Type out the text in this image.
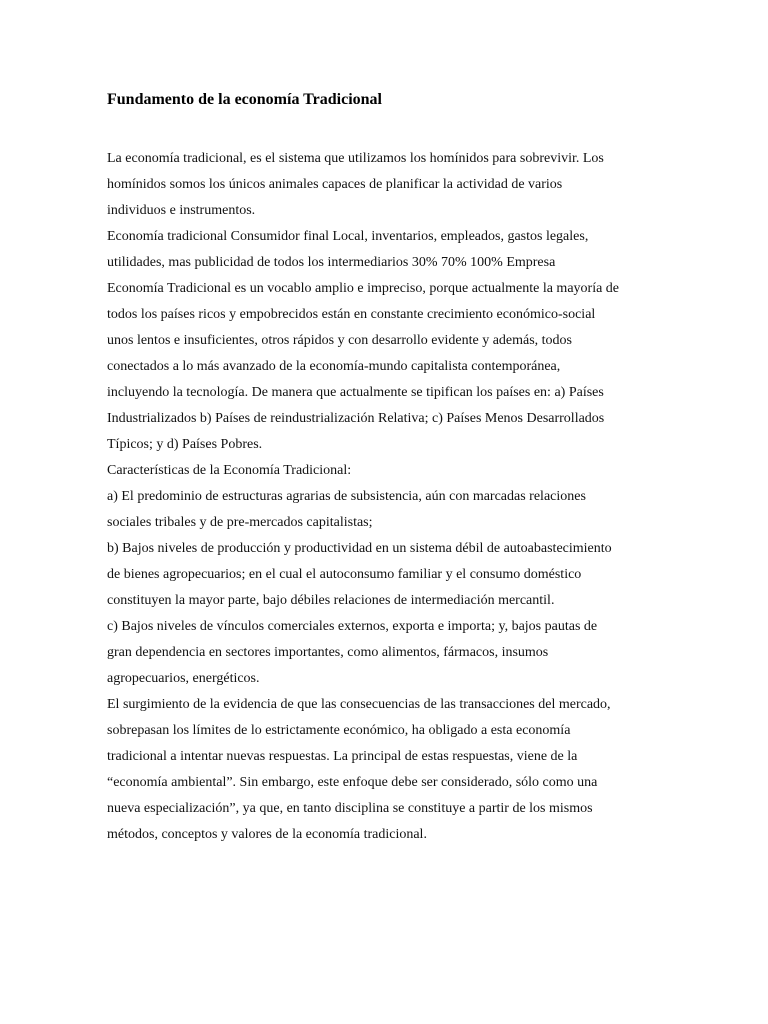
Fundamento de la economía Tradicional
La economía tradicional, es el sistema que utilizamos los homínidos para sobrevivir. Los
homínidos somos los únicos animales capaces de planificar la actividad de varios
individuos e instrumentos.
Economía tradicional Consumidor final Local, inventarios, empleados, gastos legales,
utilidades, mas publicidad de todos los intermediarios 30% 70% 100% Empresa
Economía Tradicional es un vocablo amplio e impreciso, porque actualmente la mayoría de
todos los países ricos y empobrecidos están en constante crecimiento económico-social
unos lentos e insuficientes, otros rápidos y con desarrollo evidente y además, todos
conectados a lo más avanzado de la economía-mundo capitalista contemporánea,
incluyendo la tecnología. De manera que actualmente se tipifican los países en: a) Países
Industrializados b) Países de reindustrialización Relativa; c) Países Menos Desarrollados
Típicos; y d) Países Pobres.
Características de la Economía Tradicional:
a) El predominio de estructuras agrarias de subsistencia, aún con marcadas relaciones
sociales tribales y de pre-mercados capitalistas;
b) Bajos niveles de producción y productividad en un sistema débil de autoabastecimiento
de bienes agropecuarios; en el cual el autoconsumo familiar y el consumo doméstico
constituyen la mayor parte, bajo débiles relaciones de intermediación mercantil.
c) Bajos niveles de vínculos comerciales externos, exporta e importa; y, bajos pautas de
gran dependencia en sectores importantes, como alimentos, fármacos, insumos
agropecuarios, energéticos.
El surgimiento de la evidencia de que las consecuencias de las transacciones del mercado,
sobrepasan los límites de lo estrictamente económico, ha obligado a esta economía
tradicional a intentar nuevas respuestas. La principal de estas respuestas, viene de la
“economía ambiental”. Sin embargo, este enfoque debe ser considerado, sólo como una
nueva especialización”, ya que, en tanto disciplina se constituye a partir de los mismos
métodos, conceptos y valores de la economía tradicional.
